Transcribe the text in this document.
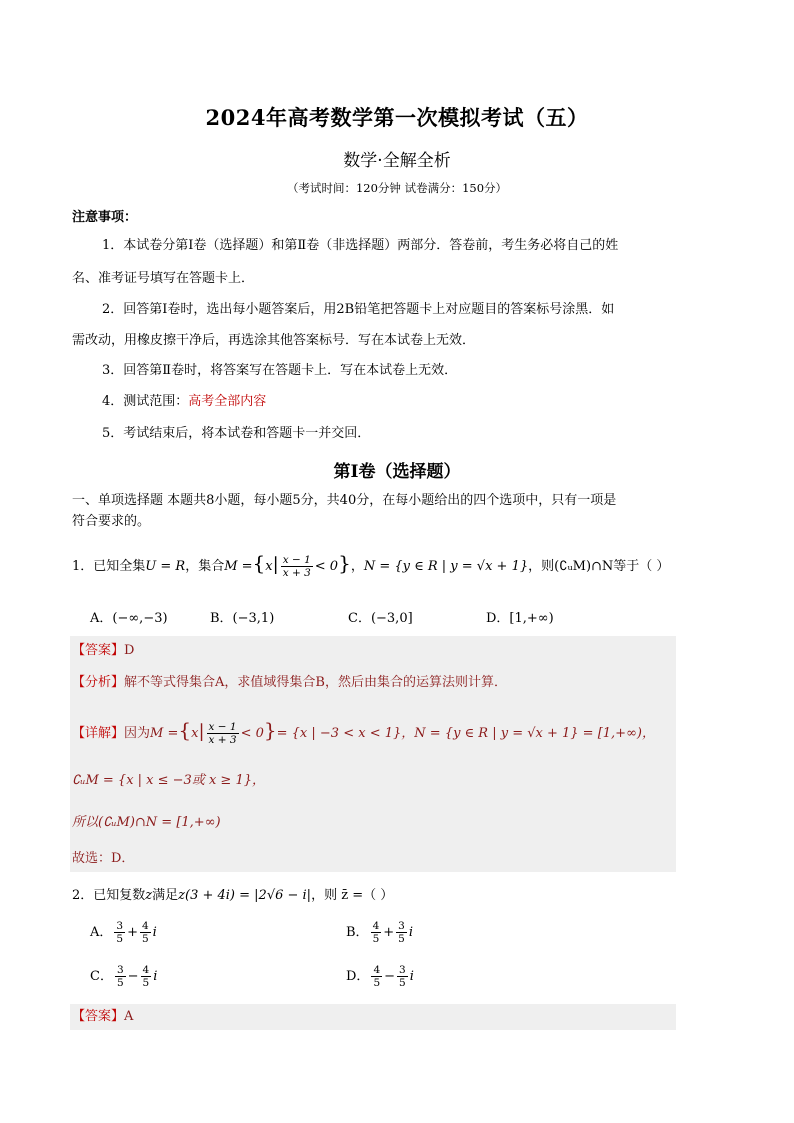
2024年高考数学第一次模拟考试（五）
数学·全解全析
（考试时间：120分钟 试卷满分：150分）
注意事项：
1．本试卷分第Ⅰ卷（选择题）和第Ⅱ卷（非选择题）两部分．答卷前，考生务必将自己的姓
名、准考证号填写在答题卡上．
2．回答第Ⅰ卷时，选出每小题答案后，用2B铅笔把答题卡上对应题目的答案标号涂黑．如
需改动，用橡皮擦干净后，再选涂其他答案标号．写在本试卷上无效．
3．回答第Ⅱ卷时，将答案写在答题卡上．写在本试卷上无效．
4．测试范围：高考全部内容
5．考试结束后，将本试卷和答题卡一并交回．
第Ⅰ卷（选择题）
一、单项选择题 本题共8小题，每小题5分，共40分，在每小题给出的四个选项中，只有一项是
符合要求的。
1．已知全集U = R，集合$M =\{x| \frac{x - 1}{x + 3} < 0\}$，N = {y ∈ R | y = √x + 1}，则(∁ᵤM)∩N等于（ ）
A．(−∞,−3)	B．(−3,1)	C．(−3,0]	D．[1,+∞)
【答案】D
【分析】解不等式得集合A，求值域得集合B，然后由集合的运算法则计算．
【详解】因为$M =\{x| \frac{x - 1}{x + 3} < 0\}= \{x$ | −3 < x < 1}，N = {y ∈ R | y = √x + 1} = [1,+∞)，
∁ᵤM = {x | x ≤ −3或 x ≥ 1}，
所以(∁ᵤM)∩N = [1,+∞)
故选：D．
2．已知复数z满足z(3 + 4i) = |2√6 − i|，则 z̄ =（ ）
A． $\frac{3}{5} + \frac{4}{5}$ i	B． $\frac{4}{5} + \frac{3}{5}$ i
C． $\frac{3}{5} - \frac{4}{5}$ i	D． $\frac{4}{5} - \frac{3}{5}$ i
【答案】A
